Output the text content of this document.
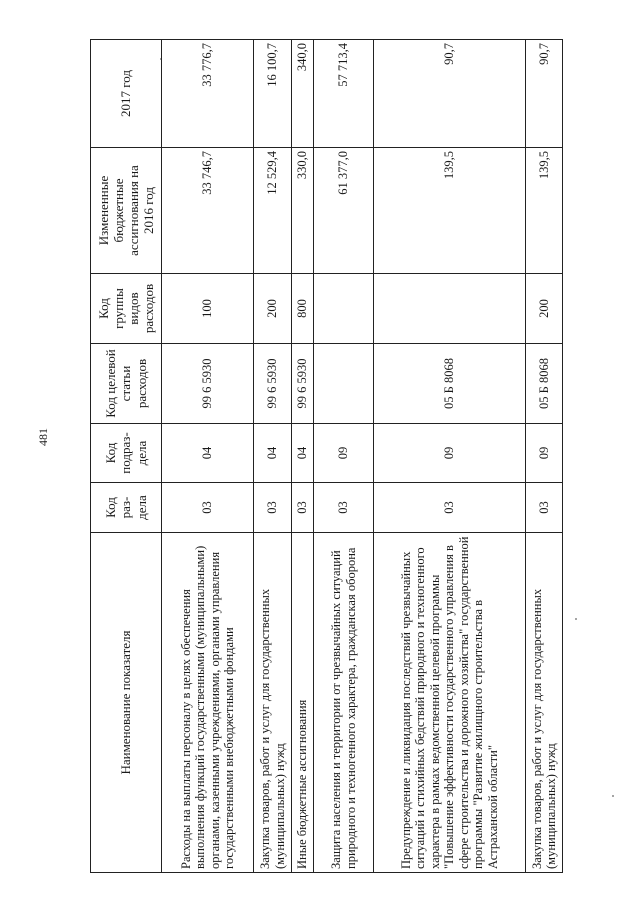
481
Наименование показателя	Код раз-дела	Код подраз-дела	Код целевой статьи расходов	Код группы видов расходов	Измененные бюджетные ассигнования на 2016 год	2017 год
Расходы на выплаты персоналу в целях обеспечения выполнения функций государственными (муниципальными) органами, казенными учреждениями, органами управления государственными внебюджетными фондами	03	04	99 6 5930	100	33 746,7	33 776,7
Закупка товаров, работ и услуг для государственных (муниципальных) нужд	03	04	99 6 5930	200	12 529,4	16 100,7
Иные бюджетные ассигнования	03	04	99 6 5930	800	330,0	340,0
Защита населения и территории от чрезвычайных ситуаций природного и техногенного характера, гражданская оборона	03	09			61 377,0	57 713,4
Предупреждение и ликвидация последствий чрезвычайных ситуаций и стихийных бедствий природного и техногенного характера в рамках ведомственной целевой программы "Повышение эффективности государственного управления в сфере строительства и дорожного хозяйства" государственной программы "Развитие жилищного строительства в Астраханской области"	03	09	05 Б 8068		139,5	90,7
Закупка товаров, работ и услуг для государственных (муниципальных) нужд	03	09	05 Б 8068	200	139,5	90,7
